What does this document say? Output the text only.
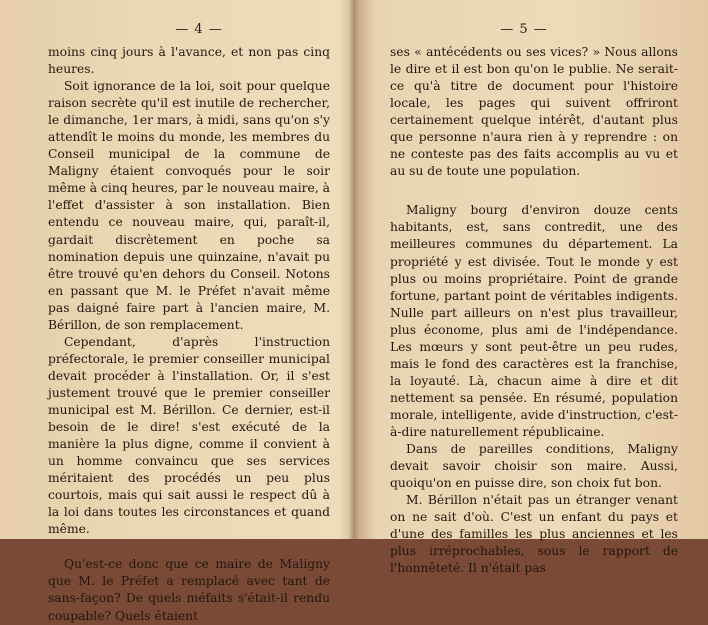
— 4 —

moins cinq jours à l'avance, et non pas cinq heures.

Soit ignorance de la loi, soit pour quelque raison secrète qu'il est inutile de rechercher, le dimanche, 1er mars, à midi, sans qu'on s'y attendît le moins du monde, les membres du Conseil municipal de la commune de Maligny étaient convoqués pour le soir même à cinq heures, par le nouveau maire, à l'effet d'assister à son installation. Bien entendu ce nouveau maire, qui, paraît-il, gardait discrètement en poche sa nomination depuis une quinzaine, n'avait pu être trouvé qu'en dehors du Conseil. Notons en passant que M. le Préfet n'avait même pas daigné faire part à l'ancien maire, M. Bérillon, de son remplacement.

Cependant, d'après l'instruction préfectorale, le premier conseiller municipal devait procéder à l'installation. Or, il s'est justement trouvé que le premier conseiller municipal est M. Bérillon. Ce dernier, est-il besoin de le dire! s'est exécuté de la manière la plus digne, comme il convient à un homme convaincu que ses services méritaient des procédés un peu plus courtois, mais qui sait aussi le respect dû à la loi dans toutes les circonstances et quand même.

Qu'est-ce donc que ce maire de Maligny que M. le Préfet a remplacé avec tant de sans-façon? De quels méfaits s'était-il rendu coupable? Quels étaient

— 5 —

ses « antécédents ou ses vices? » Nous allons le dire et il est bon qu'on le publie. Ne serait-ce qu'à titre de document pour l'histoire locale, les pages qui suivent offriront certainement quelque intérêt, d'autant plus que personne n'aura rien à y reprendre : on ne conteste pas des faits accomplis au vu et au su de toute une population.

Maligny bourg d'environ douze cents habitants, est, sans contredit, une des meilleures communes du département. La propriété y est divisée. Tout le monde y est plus ou moins propriétaire. Point de grande fortune, partant point de véritables indigents. Nulle part ailleurs on n'est plus travailleur, plus économe, plus ami de l'indépendance. Les mœurs y sont peut-être un peu rudes, mais le fond des caractères est la franchise, la loyauté. Là, chacun aime à dire et dit nettement sa pensée. En résumé, population morale, intelligente, avide d'instruction, c'est-à-dire naturellement républicaine.

Dans de pareilles conditions, Maligny devait savoir choisir son maire. Aussi, quoiqu'on en puisse dire, son choix fut bon.

M. Bérillon n'était pas un étranger venant on ne sait d'où. C'est un enfant du pays et d'une des familles les plus anciennes et les plus irréprochables, sous le rapport de l'honnêteté. Il n'était pas
